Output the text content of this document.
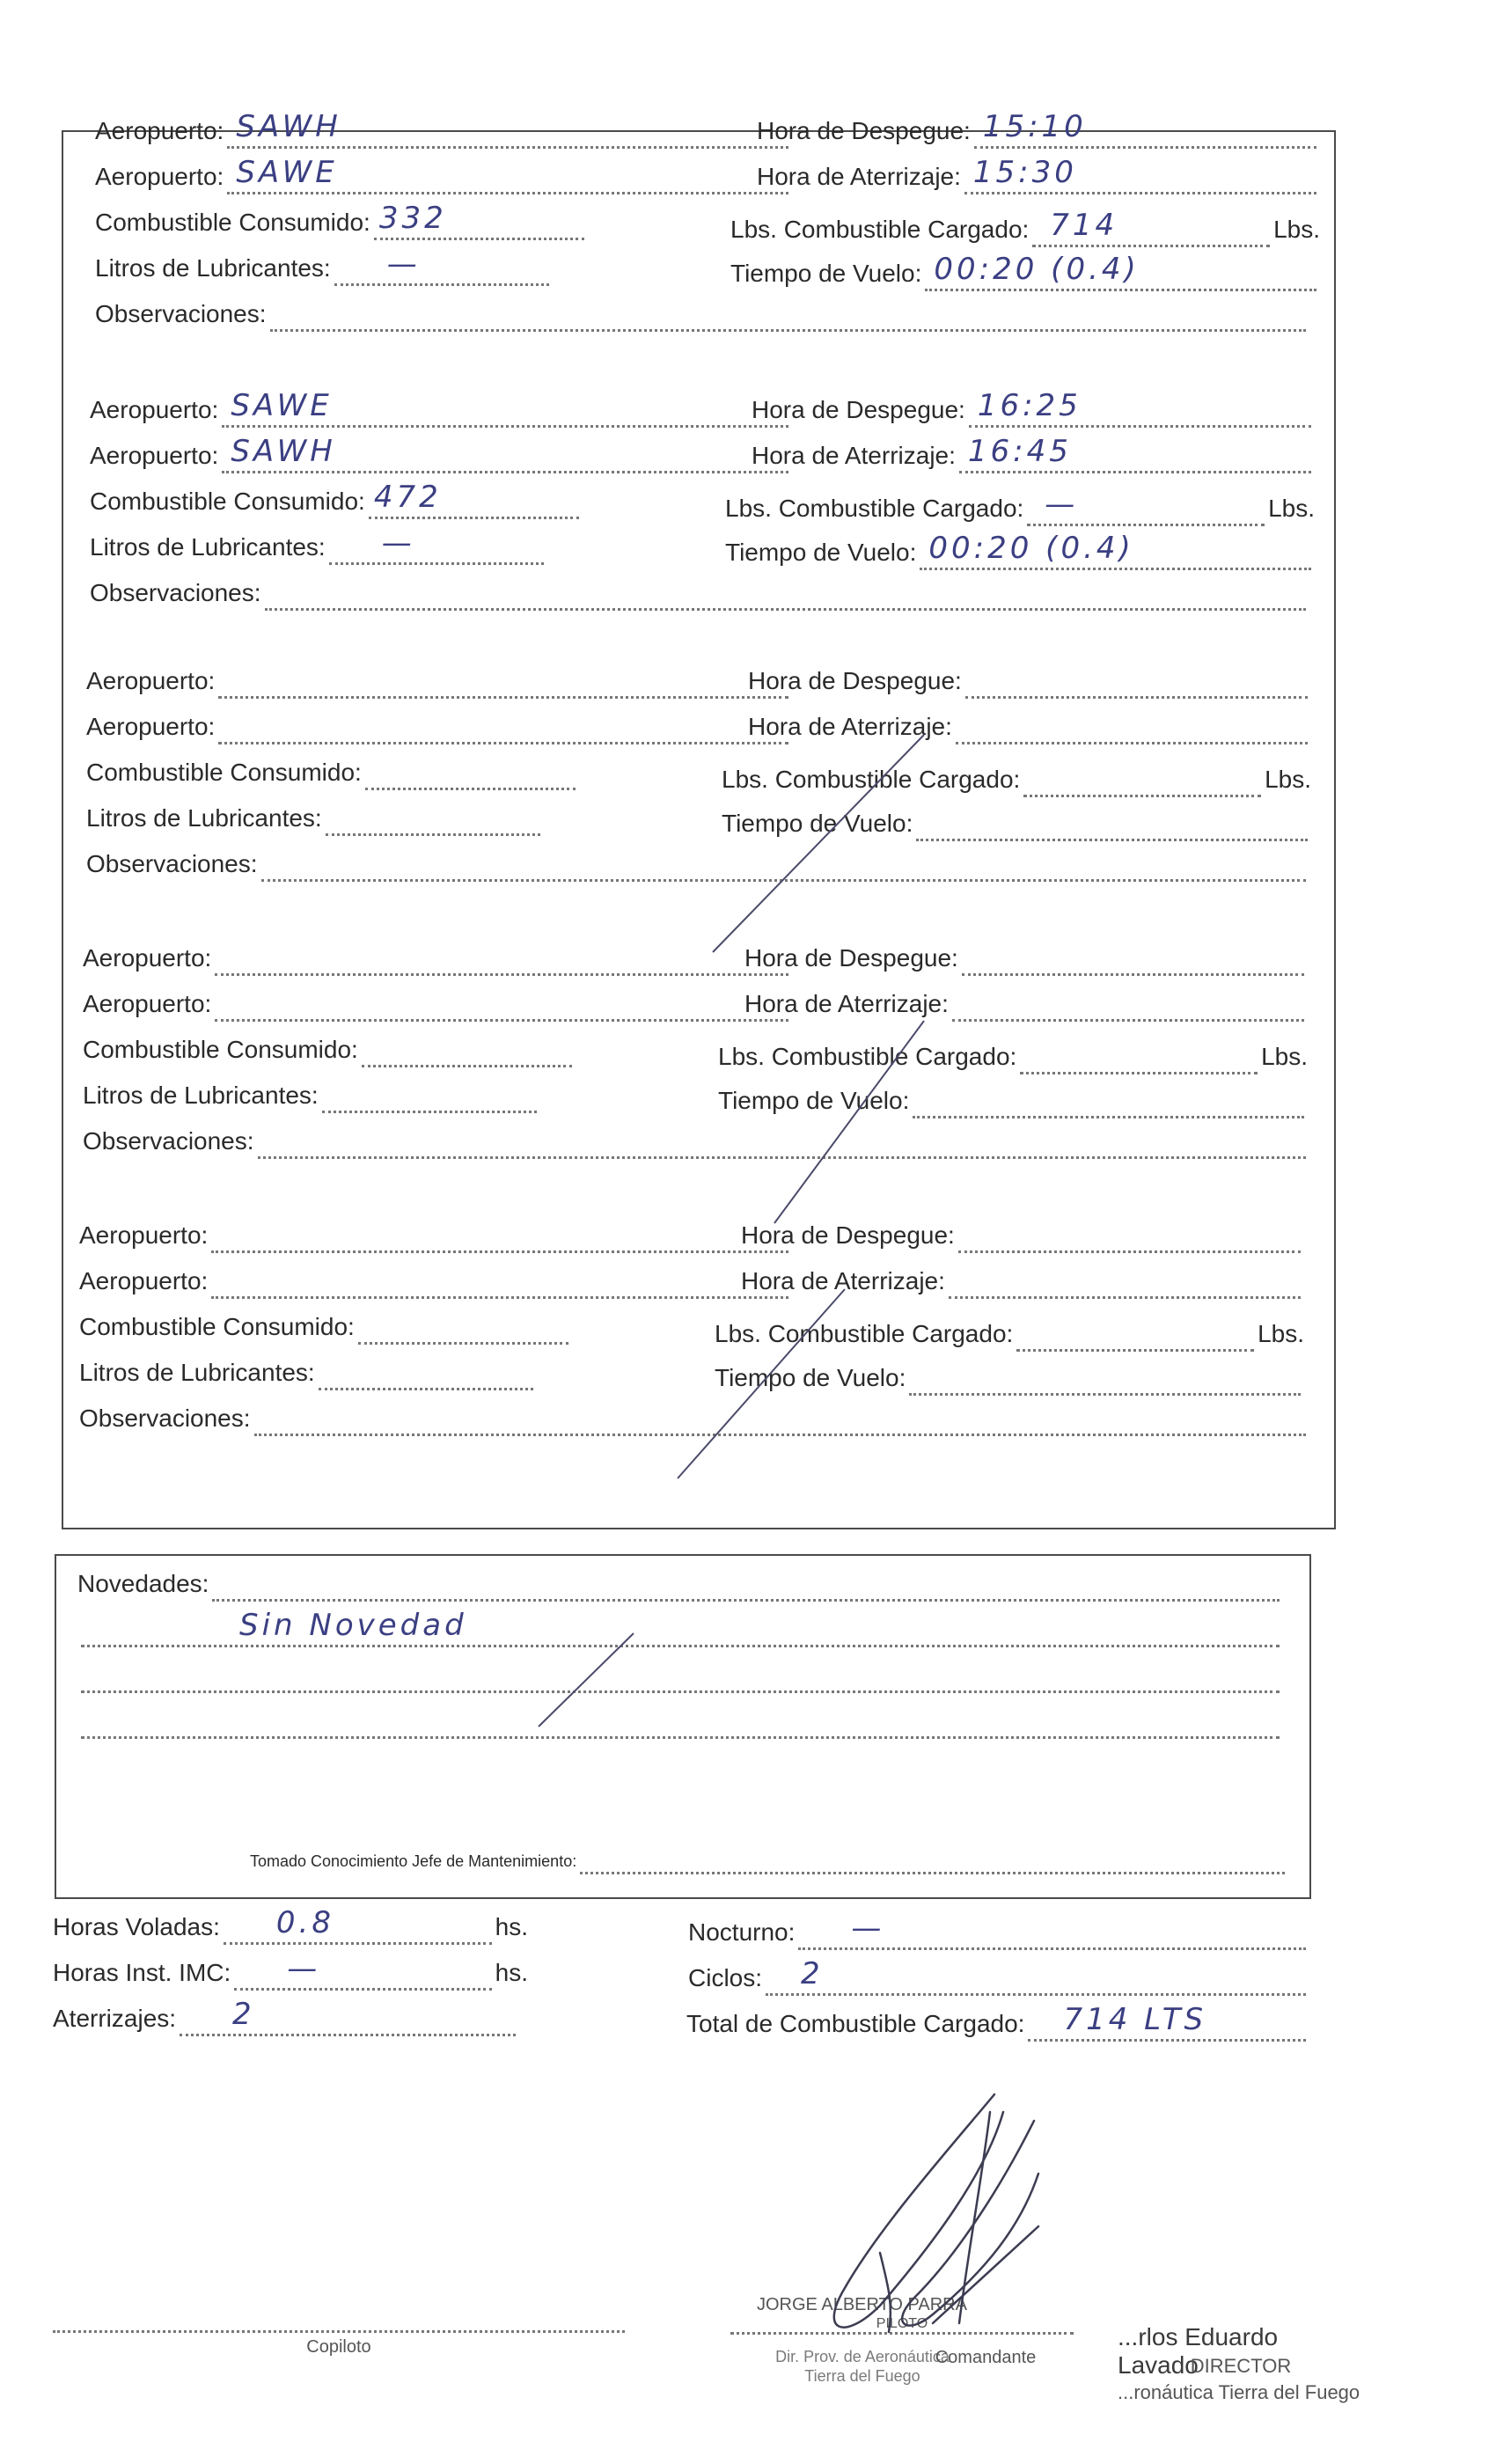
Aeropuerto: SAWH	Hora de Despegue: 15:10
Aeropuerto: SAWE	Hora de Aterrizaje: 15:30
Combustible Consumido: 332	Lbs. Combustible Cargado: 714	Lbs.
Litros de Lubricantes: —	Tiempo de Vuelo: 00:20 (0.4)
Observaciones:
Aeropuerto: SAWE	Hora de Despegue: 16:25
Aeropuerto: SAWH	Hora de Aterrizaje: 16:45
Combustible Consumido: 472	Lbs. Combustible Cargado: —	Lbs.
Litros de Lubricantes: —	Tiempo de Vuelo: 00:20 (0.4)
Observaciones:
Aeropuerto:	Hora de Despegue:
Aeropuerto:	Hora de Aterrizaje:
Combustible Consumido:	Lbs. Combustible Cargado:	Lbs.
Litros de Lubricantes:	Tiempo de Vuelo:
Observaciones:
Aeropuerto:	Hora de Despegue:
Aeropuerto:	Hora de Aterrizaje:
Combustible Consumido:	Lbs. Combustible Cargado:	Lbs.
Litros de Lubricantes:	Tiempo de Vuelo:
Observaciones:
Aeropuerto:	Hora de Despegue:
Aeropuerto:	Hora de Aterrizaje:
Combustible Consumido:	Lbs. Combustible Cargado:	Lbs.
Litros de Lubricantes:	Tiempo de Vuelo:
Observaciones:
Novedades:
Sin Novedad
Tomado Conocimiento Jefe de Mantenimiento:
Horas Voladas: 0.8	hs.
Horas Inst. IMC: —	hs.
Aterrizajes: 2
Nocturno: —
Ciclos: 2
Total de Combustible Cargado: 714 LTS
Copiloto
JORGE ALBERTO PARRA
PILOTO
Dir. Prov. de Aeronáutica
Comandante
Tierra del Fuego
...rlos Eduardo Lavado
DIRECTOR
...ronáutica Tierra del Fuego
